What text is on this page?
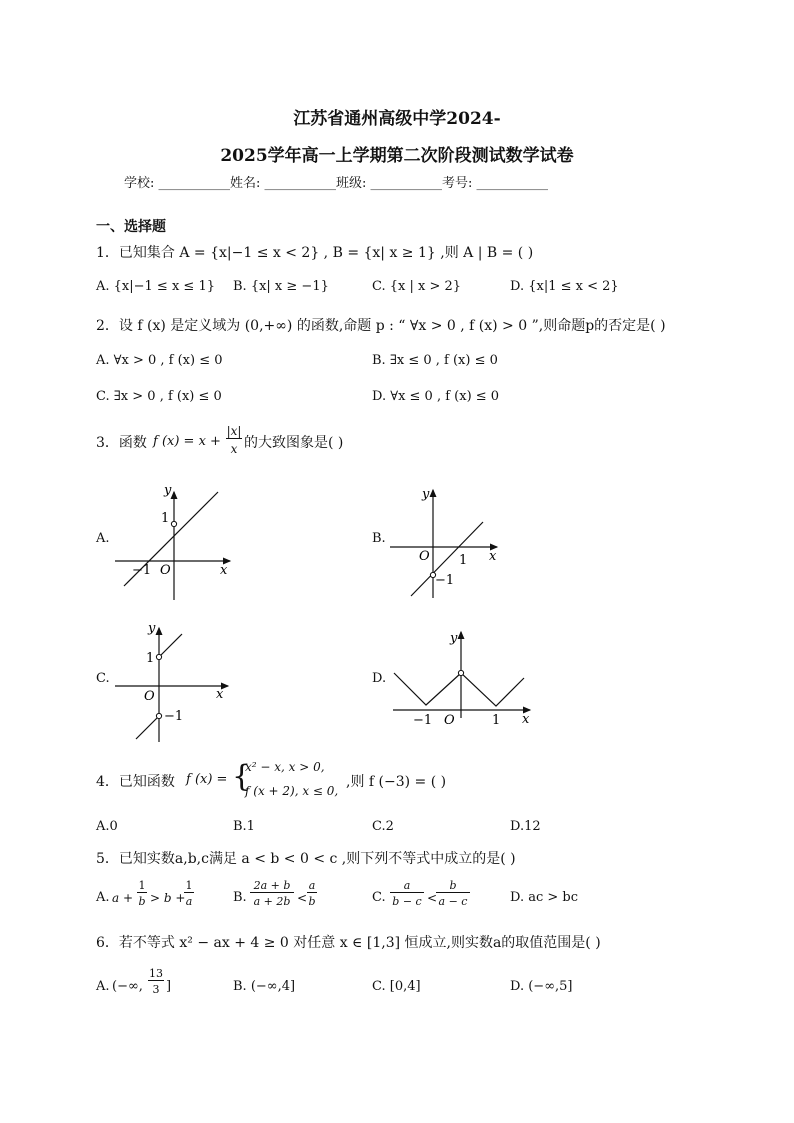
江苏省通州高级中学2024-
2025学年高一上学期第二次阶段测试数学试卷
学校: ___________姓名: ___________班级: ___________考号: ___________
一、选择题
1．已知集合 A = {x|−1 ≤ x < 2} , B = {x| x ≥ 1} ,则 A | B = ( )
A. {x|−1 ≤ x ≤ 1} B. {x| x ≥ −1}	C. {x | x > 2}	D. {x|1 ≤ x < 2}
2．设 f (x) 是定义域为 (0,+∞) 的函数,命题 p : “ ∀x > 0 , f (x) > 0 ”,则命题p的否定是( )
A. ∀x > 0 , f (x) ≤ 0	B. ∃x ≤ 0 , f (x) ≤ 0
C. ∃x > 0 , f (x) ≤ 0	D. ∀x ≤ 0 , f (x) ≤ 0
3．函数 f (x) = x +
|x|
x 的大致图象是( )
A.	B.
C.	D.
y
x
1
−1 O
y
x
O 1
−1
y
x
1
O
−1
y
x
−1 O	1
4．已知函数 f (x) = {
x² − x, x > 0,
f (x + 2), x ≤ 0,
,则 f (−3) = ( )
A.0	B.1	C.2	D.12
5．已知实数a,b,c满足 a < b < 0 < c ,则下列不等式中成立的是( )
A. a +
1
b > b +
1
a	B.
2a + b
a + 2b <
a
b	C.
a
b − c <
b
a − c	D. ac > bc
6．若不等式 x² − ax + 4 ≥ 0 对任意 x ∈ [1,3] 恒成立,则实数a的取值范围是( )
A. (−∞,
13
3 ]	B. (−∞,4]	C. [0,4]	D. (−∞,5]
